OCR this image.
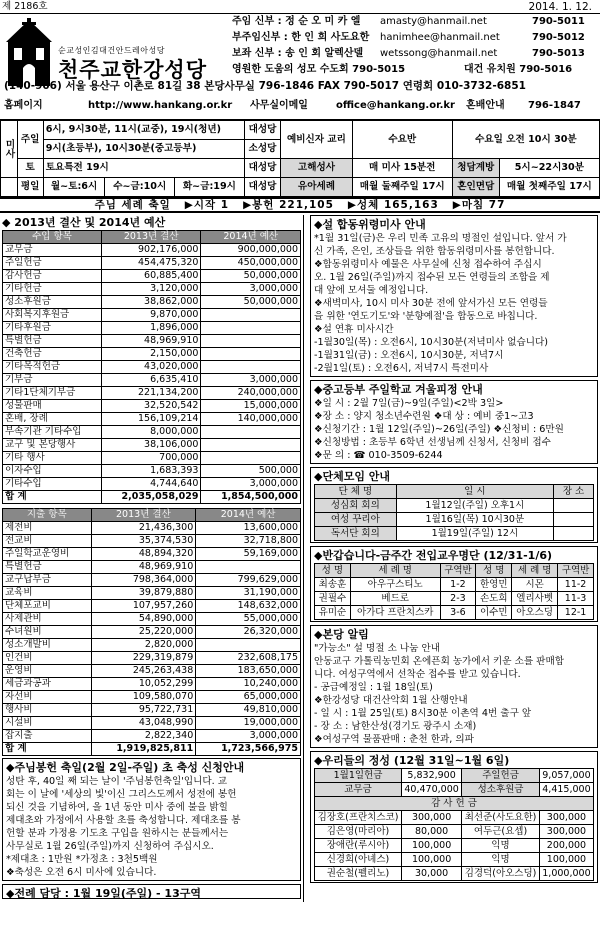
제 2186호	2014. 1. 12.
순교성인김대건안드레아성당
천주교한강성당
주임 신부 : 정 순 오 미 카 엘 amasty@hanmail.net	790-5011
부주임신부 : 한 인 희 사도요한 hanimhee@hanmail.net	790-5012
보좌 신부 : 송 인 회 알렉산델 wetssong@hanmail.net	790-5013
영원한 도움의 성모 수도회 790-5015	대건 유치원 790-5016
(140-906) 서울 용산구 이촌로 81길 38 본당사무실 796-1846 FAX 790-5017 연령회 010-3732-6851
홈페이지	http://www.hankang.or.kr 사무실이메일	office@hankang.or.kr 혼배안내 796-1847
미사	주일	6시, 9시30분, 11시(교중), 19시(청년)			대성당	예비신자 교리	수요반	수요일 오전 10시 30분	
		9시(초등부), 10시30분(중고등부)			소성당				
	토	토요특전 19시			대성당	고해성사	매 미사 15분전	청담계방	5시~22시30분
	평일	월~토:6시	수~금:10시	화~금:19시	대성당	유아세례	매월 둘째주일 17시	혼인면담	매월 첫째주일 17시
주님 세례 축일 ▶시작 1 ▶봉헌 221,105 ▶성체 165,163 ▶마침 77
◆ 2013년 결산 및 2014년 예산
수입 항목	2013년 결산	2014년 예산
교무금	902,176,000	900,000,000
주일헌금	454,475,320	450,000,000
감사헌금	60,885,400	50,000,000
기타헌금	3,120,000	3,000,000
성소후원금	38,862,000	50,000,000
사회복지후원금	9,870,000	
기타후원금	1,896,000	
특별헌금	48,969,910	
건축헌금	2,150,000	
기타목적헌금	43,020,000	
기부금	6,635,410	3,000,000
기타1단체기부금	221,134,200	240,000,000
성물판매	32,520,542	15,000,000
혼배, 장례	156,109,214	140,000,000
부속기관 기타수입	8,000,000	
교구 및 본당행사	38,106,000	
기타 행사	700,000	
이자수입	1,683,393	500,000
기타수입	4,744,640	3,000,000
합 계	2,035,058,029	1,854,500,000
지출 항목	2013년 결산	2014년 예산
제전비	21,436,300	13,600,000
전교비	35,374,530	32,718,800
주일학교운영비	48,894,320	59,169,000
특별헌금	48,969,910	
교구납부금	798,364,000	799,629,000
교육비	39,879,880	31,190,000
단체포교비	107,957,260	148,632,000
사제관비	54,890,000	55,000,000
수녀원비	25,220,000	26,320,000
성소개발비	2,820,000	
인건비	229,319,879	232,608,175
운영비	245,263,438	183,650,000
세금과공과	10,052,299	10,240,000
자선비	109,580,070	65,000,000
행사비	95,722,731	49,810,000
시설비	43,048,990	19,000,000
잡지출	2,822,340	3,000,000
합 계	1,919,825,811	1,723,566,975
◆주님봉헌 축일(2월 2일-주일) 초 축성 신청안내
성탄 후, 40일 째 되는 날이 '주님봉헌축일'입니다. 교
회는 이 날에 '세상의 빛'이신 그리스도께서 성전에 봉헌
되신 것을 기념하여, 올 1년 동안 미사 중에 불을 밝힐
제대초와 가정에서 사용할 초를 축성합니다. 제대초를 봉
헌할 분과 가정용 기도초 구입을 원하시는 분들께서는
사무실로 1월 26일(주일)까지 신청하여 주십시오.
*제대초 : 1만원 *가정초 : 3천5백원
❖축성은 오전 6시 미사에 있습니다.
◆전례 담당 : 1월 19일(주일) - 13구역
◆설 합동위령미사 안내
*1월 31일(금)은 우리 민족 고유의 명절인 설입니다. 앞서 가
신 가족, 은인, 조상들을 위한 합동위령미사를 봉헌합니다.
❖합동위령미사 예물은 사무실에 신청 접수하여 주십시
오. 1월 26일(주일)까지 접수된 모든 연령들의 조합을 제
대 앞에 모셔둘 예정입니다.
❖새벽미사, 10시 미사 30분 전에 앞서가신 모든 연령들
을 위한 '연도기도'와 '분향예절'을 합동으로 바칩니다.
❖설 연휴 미사시간
-1월30일(목) : 오전6시, 10시30분(저녁미사 없습니다)
-1월31일(금) : 오전6시, 10시30분, 저녁7시
-2월1일(토) : 오전6시, 저녁7시 특전미사
◆중고등부 주일학교 겨울피정 안내
❖일 시 : 2월 7일(금)~9일(주일)<2박 3일>
❖장 소 : 양지 청소년수련원 ❖대 상 : 예비 중1~고3
❖신청기간 : 1월 12일(주일)~26일(주일) ❖신청비 : 6만원
❖신청방법 : 초등부 6학년 선생님께 신청서, 신청비 접수
❖문 의 : ☎ 010-3509-6244
◆단체모임 안내
단 체 명	일 시	장 소
성심회 회의	1월12일(주일) 오후1시	
여성 꾸리아	1월16일(목) 10시30분	
독서단 회의	1월19일(주일) 12시	
◆반갑습니다-금주간 전입교우명단 (12/31-1/6)
성 명	세 례 명	구역반	성 명	세 례 명	구역반
최송훈	아우구스티노	1-2	한영민	시몬	11-2
권필수	베드로	2-3	손도희	엘리사벳	11-3
유미순	아가다 프란치스카	3-6	이수민	아오스딩	12-1
◆본당 알림
"가능소" 설 명절 소 나눔 안내
안동교구 가톨릭농민회 온에픈회 농가에서 키운 소를 판매합
니다. 여성구역에서 선착순 접수를 받고 있습니다.
- 공급예정일 : 1월 18일(토)
❖한강성당 대건산악회 1월 산행안내
- 일 시 : 1월 25일(토) 8시30분 이촌역 4번 출구 앞
- 장 소 : 남한산성(경기도 광주시 소재)
❖여성구역 물품판매 : 춘천 한과, 의파
◆우리들의 정성 (12월 31일~1월 6일)
1월1일헌금	5,832,900	주일헌금	9,057,000
교무금	40,470,000	성소후원금	4,415,000
감 사 헌 금			
김장호(프란치스코)	300,000	최선준(사도요한)	300,000
김은영(마리아)	80,000	여두근(요셉)	300,000
장애란(루시아)	100,000	익명	200,000
신경희(아녜스)	100,000	익명	100,000
권순철(펠리노)	30,000	김경덕(아오스딩)	1,000,000
